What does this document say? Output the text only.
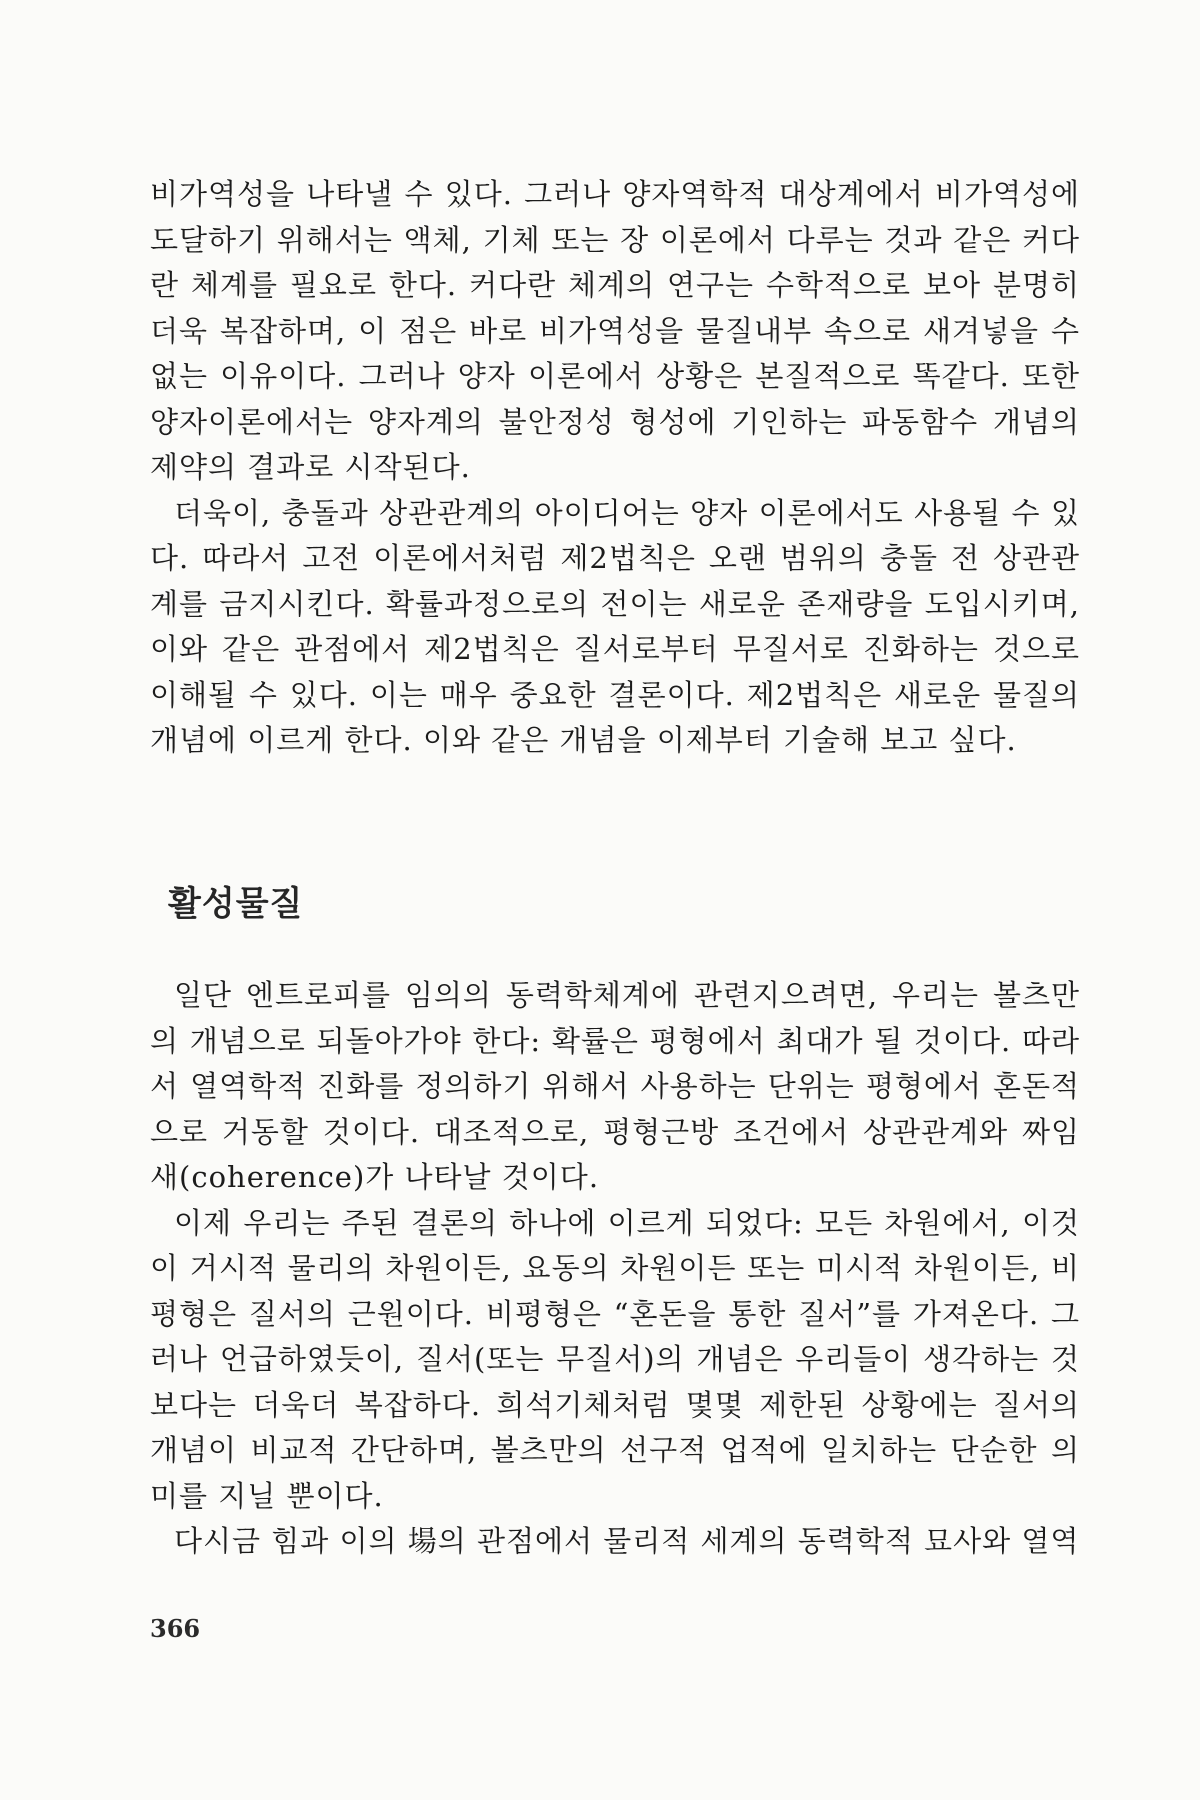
비가역성을 나타낼 수 있다. 그러나 양자역학적 대상계에서 비가역성에 도달하기 위해서는 액체, 기체 또는 장 이론에서 다루는 것과 같은 커다란 체계를 필요로 한다. 커다란 체계의 연구는 수학적으로 보아 분명히 더욱 복잡하며, 이 점은 바로 비가역성을 물질내부 속으로 새겨넣을 수 없는 이유이다. 그러나 양자 이론에서 상황은 본질적으로 똑같다. 또한 양자이론에서는 양자계의 불안정성 형성에 기인하는 파동함수 개념의 제약의 결과로 시작된다.

더욱이, 충돌과 상관관계의 아이디어는 양자 이론에서도 사용될 수 있다. 따라서 고전 이론에서처럼 제2법칙은 오랜 범위의 충돌 전 상관관계를 금지시킨다. 확률과정으로의 전이는 새로운 존재량을 도입시키며, 이와 같은 관점에서 제2법칙은 질서로부터 무질서로 진화하는 것으로 이해될 수 있다. 이는 매우 중요한 결론이다. 제2법칙은 새로운 물질의 개념에 이르게 한다. 이와 같은 개념을 이제부터 기술해 보고 싶다.

활성물질

일단 엔트로피를 임의의 동력학체계에 관련지으려면, 우리는 볼츠만의 개념으로 되돌아가야 한다: 확률은 평형에서 최대가 될 것이다. 따라서 열역학적 진화를 정의하기 위해서 사용하는 단위는 평형에서 혼돈적으로 거동할 것이다. 대조적으로, 평형근방 조건에서 상관관계와 짜임새(coherence)가 나타날 것이다.

이제 우리는 주된 결론의 하나에 이르게 되었다: 모든 차원에서, 이것이 거시적 물리의 차원이든, 요동의 차원이든 또는 미시적 차원이든, 비평형은 질서의 근원이다. 비평형은 “혼돈을 통한 질서”를 가져온다. 그러나 언급하였듯이, 질서(또는 무질서)의 개념은 우리들이 생각하는 것보다는 더욱더 복잡하다. 희석기체처럼 몇몇 제한된 상황에는 질서의 개념이 비교적 간단하며, 볼츠만의 선구적 업적에 일치하는 단순한 의미를 지닐 뿐이다.

다시금 힘과 이의 場의 관점에서 물리적 세계의 동력학적 묘사와 열역

366
